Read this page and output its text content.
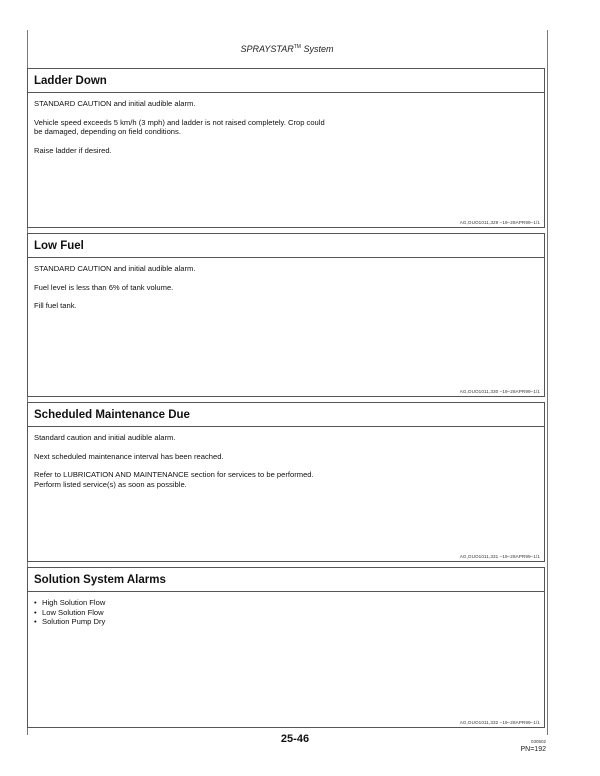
SPRAYSTAR™ System
Ladder Down

STANDARD CAUTION and initial audible alarm.

Vehicle speed exceeds 5 km/h (3 mph) and ladder is not raised completely. Crop could be damaged, depending on field conditions.

Raise ladder if desired.

AG,OUO1011,329 –19–28APR99–1/1
Low Fuel

STANDARD CAUTION and initial audible alarm.

Fuel level is less than 6% of tank volume.

Fill fuel tank.

AG,OUO1011,330 –19–28APR99–1/1
Scheduled Maintenance Due

Standard caution and initial audible alarm.

Next scheduled maintenance interval has been reached.

Refer to LUBRICATION AND MAINTENANCE section for services to be performed. Perform listed service(s) as soon as possible.

AG,OUO1011,331 –19–28APR99–1/1
Solution System Alarms
• High Solution Flow
• Low Solution Flow
• Solution Pump Dry
AG,OUO1011,332 –19–28APR99–1/1
25-46	030502
PN=192
